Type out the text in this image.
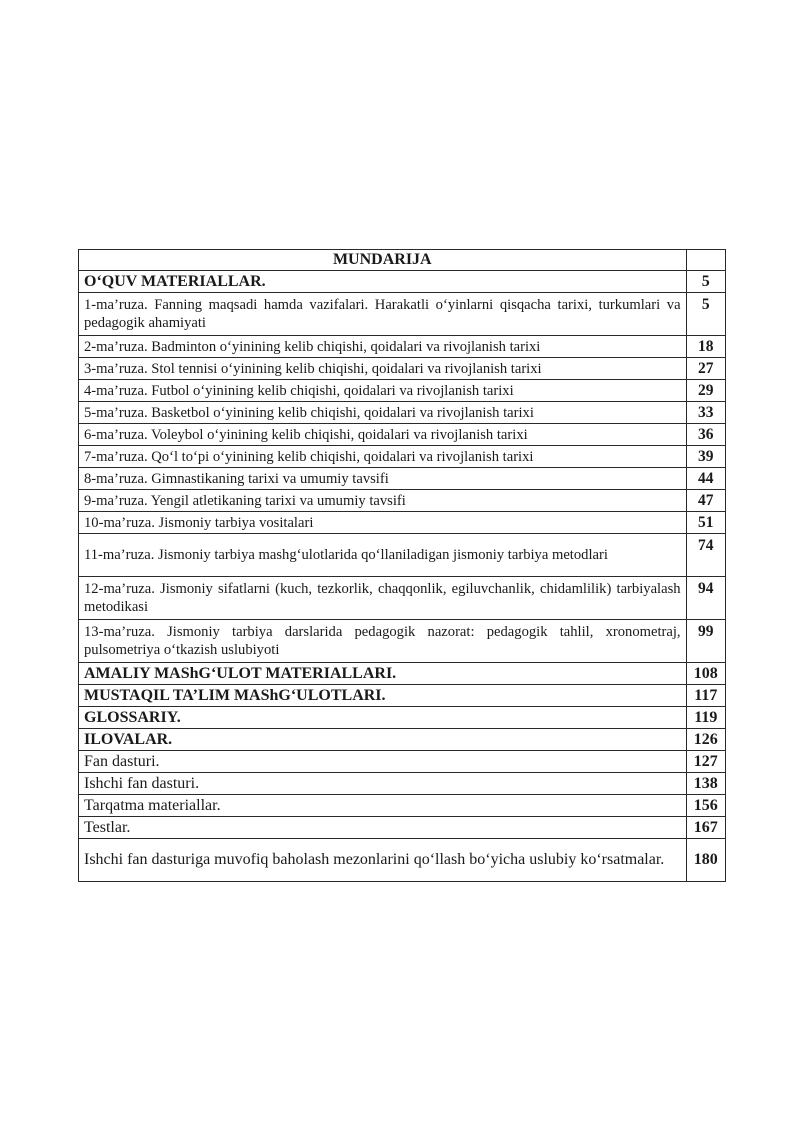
MUNDARIJA	
O‘QUV MATERIALLAR.	5
1-ma’ruza. Fanning maqsadi hamda vazifalari. Harakatli o‘yinlarni qisqacha tarixi, turkumlari va pedagogik ahamiyati	5
2-ma’ruza. Badminton o‘yinining kelib chiqishi, qoidalari va rivojlanish tarixi	18
3-ma’ruza. Stol tennisi o‘yinining kelib chiqishi, qoidalari va rivojlanish tarixi	27
4-ma’ruza. Futbol o‘yinining kelib chiqishi, qoidalari va rivojlanish tarixi	29
5-ma’ruza. Basketbol o‘yinining kelib chiqishi, qoidalari va rivojlanish tarixi	33
6-ma’ruza. Voleybol o‘yinining kelib chiqishi, qoidalari va rivojlanish tarixi	36
7-ma’ruza. Qo‘l to‘pi o‘yinining kelib chiqishi, qoidalari va rivojlanish tarixi	39
8-ma’ruza. Gimnastikaning tarixi va umumiy tavsifi	44
9-ma’ruza. Yengil atletikaning tarixi va umumiy tavsifi	47
10-ma’ruza. Jismoniy tarbiya vositalari	51
11-ma’ruza. Jismoniy tarbiya mashg‘ulotlarida qo‘llaniladigan jismoniy tarbiya metodlari	74
12-ma’ruza. Jismoniy sifatlarni (kuch, tezkorlik, chaqqonlik, egiluvchanlik, chidamlilik) tarbiyalash metodikasi	94
13-ma’ruza. Jismoniy tarbiya darslarida pedagogik nazorat: pedagogik tahlil, xronometraj, pulsometriya o‘tkazish uslubiyoti	99
AMALIY MAShG‘ULOT MATERIALLARI.	108
MUSTAQIL TA’LIM MAShG‘ULOTLARI.	117
GLOSSARIY.	119
ILOVALAR.	126
Fan dasturi.	127
Ishchi fan dasturi.	138
Tarqatma materiallar.	156
Testlar.	167
Ishchi fan dasturiga muvofiq baholash mezonlarini qo‘llash bo‘yicha uslubiy ko‘rsatmalar.	180
